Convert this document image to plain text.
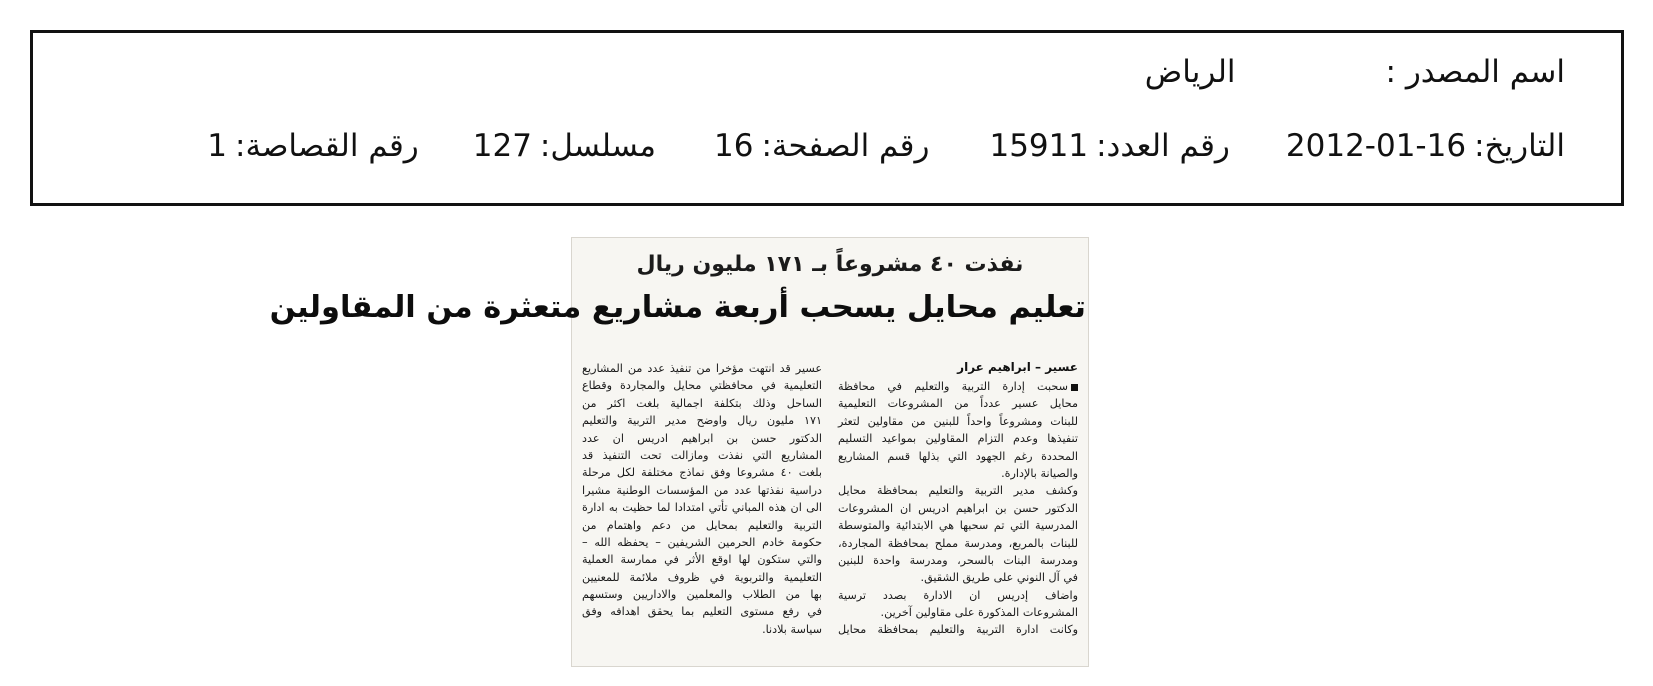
اسم المصدر :
الرياض
التاريخ:
2012-01-16
رقم العدد:
15911
رقم الصفحة:
16
مسلسل:
127
رقم القصاصة:
1
نفذت ٤٠ مشروعاً بـ ١٧١ مليون ريال
تعليم محايل يسحب أربعة مشاريع متعثرة من المقاولين
عسير – ابراهيم عرار
سحبت إدارة التربية والتعليم في محافظة
محايل عسير عدداً من المشروعات التعليمية
للبنات ومشروعاً واحداً للبنين من مقاولين لتعثر
تنفيذها وعدم التزام المقاولين بمواعيد التسليم
المحددة رغم الجهود التي بذلها قسم المشاريع
والصيانة بالإدارة.
وكشف مدير التربية والتعليم بمحافظة محايل
الدكتور حسن بن ابراهيم ادريس ان المشروعات
المدرسية التي تم سحبها هي الابتدائية والمتوسطة
للبنات بالمربع، ومدرسة مملح بمحافظة المجاردة،
ومدرسة البنات بالسحر، ومدرسة واحدة للبنين
في آل النوني على طريق الشقيق.
واضاف إدريس ان الادارة بصدد ترسية
المشروعات المذكورة على مقاولين آخرين.
وكانت ادارة التربية والتعليم بمحافظة محايل
عسير قد انتهت مؤخرا من تنفيذ عدد من المشاريع
التعليمية في محافظتي محايل والمجاردة وقطاع
الساحل وذلك بتكلفة اجمالية بلغت اكثر من
١٧١ مليون ريال واوضح مدير التربية والتعليم
الدكتور حسن بن ابراهيم ادريس ان عدد
المشاريع التي نفذت ومازالت تحت التنفيذ قد
بلغت ٤٠ مشروعا وفق نماذج مختلفة لكل مرحلة
دراسية نفذتها عدد من المؤسسات الوطنية مشيرا
الى ان هذه المباني تأتي امتدادا لما حظيت به ادارة
التربية والتعليم بمحايل من دعم واهتمام من
حكومة خادم الحرمين الشريفين – يحفظه الله –
والتي ستكون لها اوقع الأثر في ممارسة العملية
التعليمية والتربوية في ظروف ملائمة للمعنيين
بها من الطلاب والمعلمين والاداريين وستسهم
في رفع مستوى التعليم بما يحقق اهدافه وفق
سياسة بلادنا.
